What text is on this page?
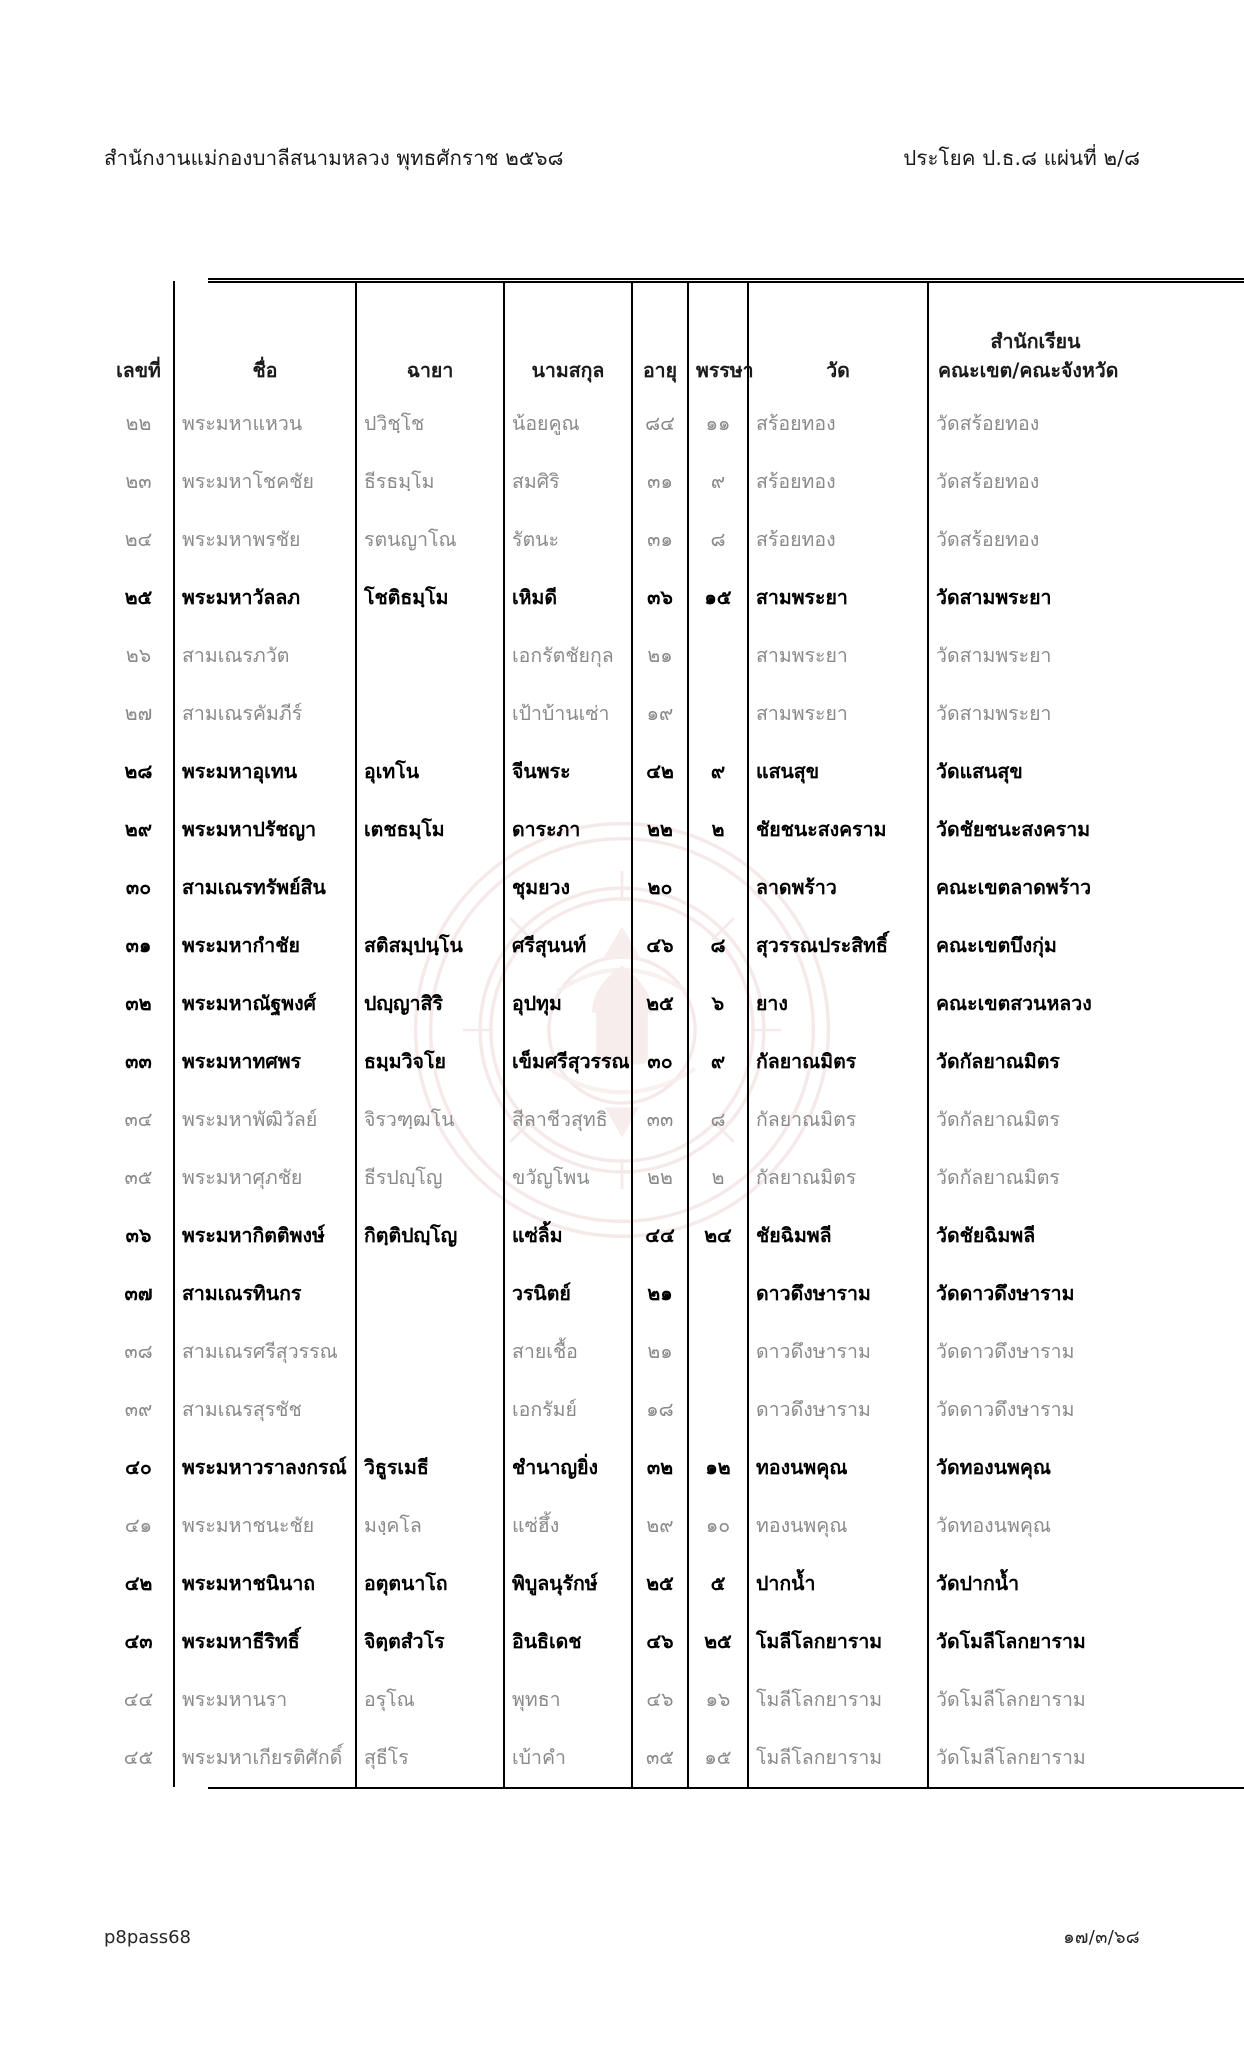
สำนักงานแม่กองบาลีสนามหลวง พุทธศักราช ๒๕๖๘	ประโยค ป.ธ.๘ แผ่นที่ ๒/๘
เลขที่	ชื่อ	ฉายา	นามสกุล	อายุ	พรรษา	วัด	สำนักเรียน
คณะเขต/คณะจังหวัด

๒๒	พระมหาแหวน	ปวิชฺโช	น้อยคูณ	๘๔	๑๑	สร้อยทอง	วัดสร้อยทอง
๒๓	พระมหาโชคชัย	ธีรธมฺโม	สมศิริ	๓๑	๙	สร้อยทอง	วัดสร้อยทอง
๒๔	พระมหาพรชัย	รตนญาโณ	รัตนะ	๓๑	๘	สร้อยทอง	วัดสร้อยทอง
๒๕	พระมหาวัลลภ	โชติธมฺโม	เหิมดี	๓๖	๑๕	สามพระยา	วัดสามพระยา
๒๖	สามเณรภวัต		เอกรัตชัยกุล	๒๑		สามพระยา	วัดสามพระยา
๒๗	สามเณรคัมภีร์		เป้าบ้านเซ่า	๑๙		สามพระยา	วัดสามพระยา
๒๘	พระมหาอุเทน	อุเทโน	จีนพระ	๔๒	๙	แสนสุข	วัดแสนสุข
๒๙	พระมหาปรัชญา	เตชธมฺโม	ดาระภา	๒๒	๒	ชัยชนะสงคราม	วัดชัยชนะสงคราม
๓๐	สามเณรทรัพย์สิน		ชุมยวง	๒๐		ลาดพร้าว	คณะเขตลาดพร้าว
๓๑	พระมหากำชัย	สติสมฺปนฺโน	ศรีสุนนท์	๔๖	๘	สุวรรณประสิทธิ์	คณะเขตบึงกุ่ม
๓๒	พระมหาณัฐพงศ์	ปญฺญาสิริ	อุปทุม	๒๕	๖	ยาง	คณะเขตสวนหลวง
๓๓	พระมหาทศพร	ธมฺมวิจโย	เข็มศรีสุวรรณ	๓๐	๙	กัลยาณมิตร	วัดกัลยาณมิตร
๓๔	พระมหาพัฒิวัลย์	จิรวฑฺฒโน	สีลาชีวสุทธิ	๓๓	๘	กัลยาณมิตร	วัดกัลยาณมิตร
๓๕	พระมหาศุภชัย	ธีรปญฺโญ	ขวัญโพน	๒๒	๒	กัลยาณมิตร	วัดกัลยาณมิตร
๓๖	พระมหากิตติพงษ์	กิตฺติปญฺโญ	แซ่ลิ้ม	๔๔	๒๔	ชัยฉิมพลี	วัดชัยฉิมพลี
๓๗	สามเณรทินกร		วรนิตย์	๒๑		ดาวดึงษาราม	วัดดาวดึงษาราม
๓๘	สามเณรศรีสุวรรณ		สายเชื้อ	๒๑		ดาวดึงษาราม	วัดดาวดึงษาราม
๓๙	สามเณรสุรชัช		เอกรัมย์	๑๘		ดาวดึงษาราม	วัดดาวดึงษาราม
๔๐	พระมหาวราลงกรณ์	วิธูรเมธี	ชำนาญยิ่ง	๓๒	๑๒	ทองนพคุณ	วัดทองนพคุณ
๔๑	พระมหาชนะชัย	มงฺคโล	แซ่ฮึ้ง	๒๙	๑๐	ทองนพคุณ	วัดทองนพคุณ
๔๒	พระมหาชนินาถ	อตุตนาโถ	พิบูลนุรักษ์	๒๕	๕	ปากน้ำ	วัดปากน้ำ
๔๓	พระมหาธีริทธิ์	จิตฺตสํวโร	อินธิเดช	๔๖	๒๕	โมลีโลกยาราม	วัดโมลีโลกยาราม
๔๔	พระมหานรา	อรุโณ	พุทธา	๔๖	๑๖	โมลีโลกยาราม	วัดโมลีโลกยาราม
๔๕	พระมหาเกียรติศักดิ์	สุธีโร	เบ้าคำ	๓๕	๑๕	โมลีโลกยาราม	วัดโมลีโลกยาราม
p8pass68	๑๗/๓/๖๘
